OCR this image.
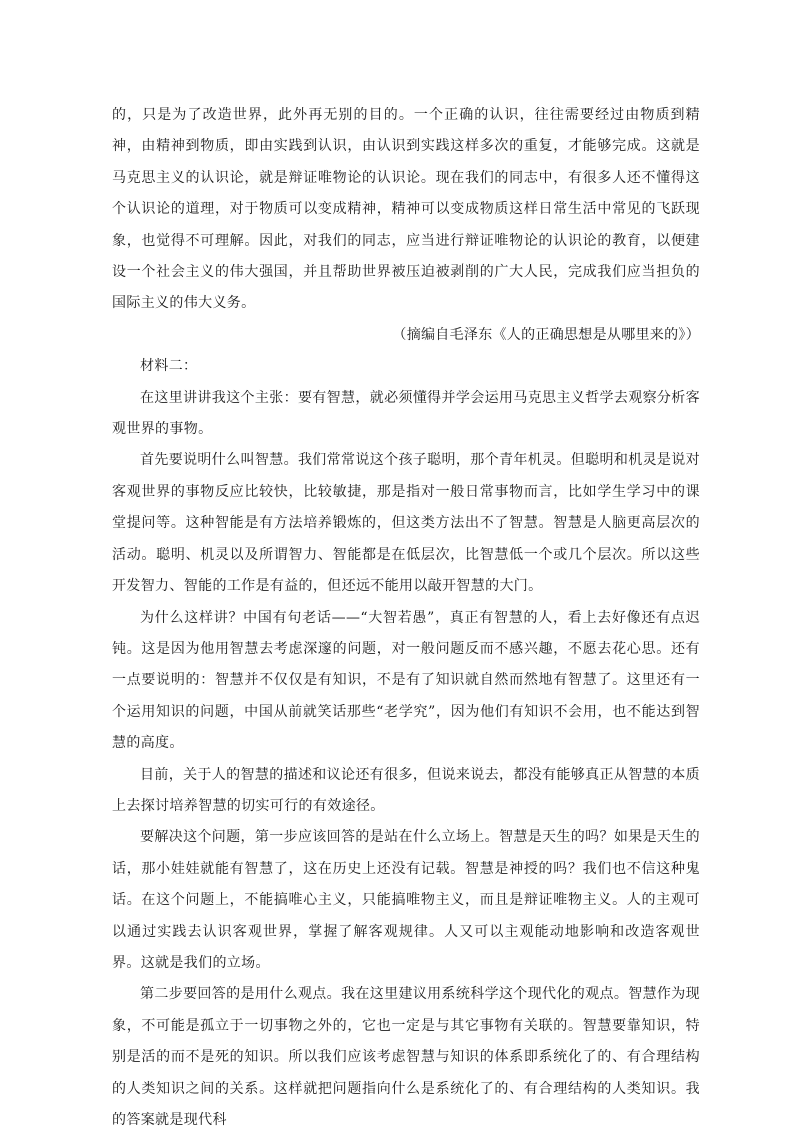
的，只是为了改造世界，此外再无别的目的。一个正确的认识，往往需要经过由物质到精神，由精神到物质，即由实践到认识，由认识到实践这样多次的重复，才能够完成。这就是马克思主义的认识论，就是辩证唯物论的认识论。现在我们的同志中，有很多人还不懂得这个认识论的道理，对于物质可以变成精神，精神可以变成物质这样日常生活中常见的飞跃现象，也觉得不可理解。因此，对我们的同志，应当进行辩证唯物论的认识论的教育，以便建设一个社会主义的伟大强国，并且帮助世界被压迫被剥削的广大人民，完成我们应当担负的国际主义的伟大义务。

（摘编自毛泽东《人的正确思想是从哪里来的》）

材料二：

在这里讲讲我这个主张：要有智慧，就必须懂得并学会运用马克思主义哲学去观察分析客观世界的事物。

首先要说明什么叫智慧。我们常常说这个孩子聪明，那个青年机灵。但聪明和机灵是说对客观世界的事物反应比较快，比较敏捷，那是指对一般日常事物而言，比如学生学习中的课堂提问等。这种智能是有方法培养锻炼的，但这类方法出不了智慧。智慧是人脑更高层次的活动。聪明、机灵以及所谓智力、智能都是在低层次，比智慧低一个或几个层次。所以这些开发智力、智能的工作是有益的，但还远不能用以敲开智慧的大门。

为什么这样讲？中国有句老话——“大智若愚”，真正有智慧的人，看上去好像还有点迟钝。这是因为他用智慧去考虑深邃的问题，对一般问题反而不感兴趣，不愿去花心思。还有一点要说明的：智慧并不仅仅是有知识，不是有了知识就自然而然地有智慧了。这里还有一个运用知识的问题，中国从前就笑话那些“老学究”，因为他们有知识不会用，也不能达到智慧的高度。

目前，关于人的智慧的描述和议论还有很多，但说来说去，都没有能够真正从智慧的本质上去探讨培养智慧的切实可行的有效途径。

要解决这个问题，第一步应该回答的是站在什么立场上。智慧是天生的吗？如果是天生的话，那小娃娃就能有智慧了，这在历史上还没有记载。智慧是神授的吗？我们也不信这种鬼话。在这个问题上，不能搞唯心主义，只能搞唯物主义，而且是辩证唯物主义。人的主观可以通过实践去认识客观世界，掌握了解客观规律。人又可以主观能动地影响和改造客观世界。这就是我们的立场。

第二步要回答的是用什么观点。我在这里建议用系统科学这个现代化的观点。智慧作为现象，不可能是孤立于一切事物之外的，它也一定是与其它事物有关联的。智慧要靠知识，特别是活的而不是死的知识。所以我们应该考虑智慧与知识的体系即系统化了的、有合理结构的人类知识之间的关系。这样就把问题指向什么是系统化了的、有合理结构的人类知识。我的答案就是现代科
